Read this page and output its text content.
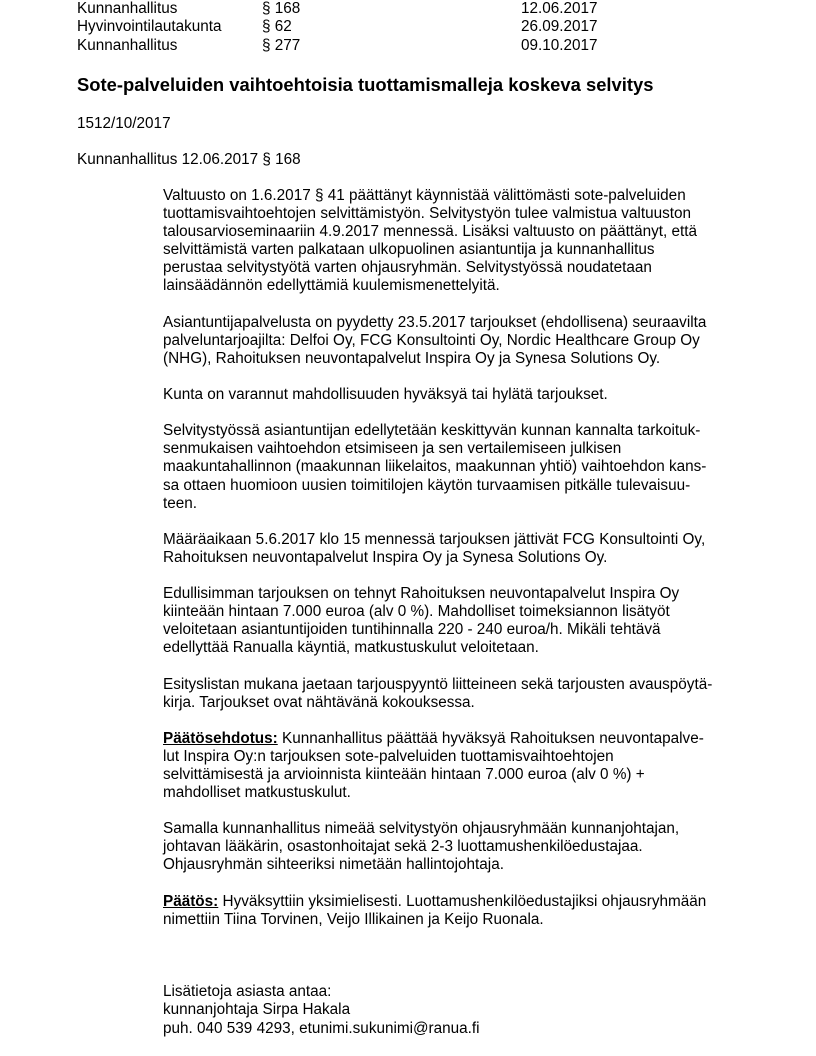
Kunnanhallitus	§ 168	12.06.2017
Hyvinvointilautakunta	§ 62	26.09.2017
Kunnanhallitus	§ 277	09.10.2017
Sote-palveluiden vaihtoehtoisia tuottamismalleja koskeva selvitys
1512/10/2017
Kunnanhallitus 12.06.2017 § 168

Valtuusto on 1.6.2017 § 41 päättänyt käynnistää välittömästi sote-palveluiden
tuottamisvaihtoehtojen selvittämistyön. Selvitystyön tulee valmistua valtuuston
talousarvioseminaariin 4.9.2017 mennessä. Lisäksi valtuusto on päättänyt, että
selvittämistä varten palkataan ulkopuolinen asiantuntija ja kunnanhallitus
perustaa selvitystyötä varten ohjausryhmän. Selvitystyössä noudatetaan
lainsäädännön edellyttämiä kuulemismenettelyitä.

Asiantuntijapalvelusta on pyydetty 23.5.2017 tarjoukset (ehdollisena) seuraavilta
palveluntarjoajilta: Delfoi Oy, FCG Konsultointi Oy, Nordic Healthcare Group Oy
(NHG), Rahoituksen neuvontapalvelut Inspira Oy ja Synesa Solutions Oy.

Kunta on varannut mahdollisuuden hyväksyä tai hylätä tarjoukset.

Selvitystyössä asiantuntijan edellytetään keskittyvän kunnan kannalta tarkoituk-
senmukaisen vaihtoehdon etsimiseen ja sen vertailemiseen julkisen
maakuntahallinnon (maakunnan liikelaitos, maakunnan yhtiö) vaihtoehdon kans-
sa ottaen huomioon uusien toimitilojen käytön turvaamisen pitkälle tulevaisuu-
teen.

Määräaikaan 5.6.2017 klo 15 mennessä tarjouksen jättivät FCG Konsultointi Oy,
Rahoituksen neuvontapalvelut Inspira Oy ja Synesa Solutions Oy.

Edullisimman tarjouksen on tehnyt Rahoituksen neuvontapalvelut Inspira Oy
kiinteään hintaan 7.000 euroa (alv 0 %). Mahdolliset toimeksiannon lisätyöt
veloitetaan asiantuntijoiden tuntihinnalla 220 - 240 euroa/h. Mikäli tehtävä
edellyttää Ranualla käyntiä, matkustuskulut veloitetaan.

Esityslistan mukana jaetaan tarjouspyyntö liitteineen sekä tarjousten avauspöytä-
kirja. Tarjoukset ovat nähtävänä kokouksessa.

Päätösehdotus: Kunnanhallitus päättää hyväksyä Rahoituksen neuvontapalve-
lut Inspira Oy:n tarjouksen sote-palveluiden tuottamisvaihtoehtojen
selvittämisestä ja arvioinnista kiinteään hintaan 7.000 euroa (alv 0 %) +
mahdolliset matkustuskulut.

Samalla kunnanhallitus nimeää selvitystyön ohjausryhmään kunnanjohtajan,
johtavan lääkärin, osastonhoitajat sekä 2-3 luottamushenkilöedustajaa.
Ohjausryhmän sihteeriksi nimetään hallintojohtaja.

Päätös: Hyväksyttiin yksimielisesti. Luottamushenkilöedustajiksi ohjausryhmään
nimettiin Tiina Torvinen, Veijo Illikainen ja Keijo Ruonala.

Lisätietoja asiasta antaa:
kunnanjohtaja Sirpa Hakala
puh. 040 539 4293, etunimi.sukunimi@ranua.fi
